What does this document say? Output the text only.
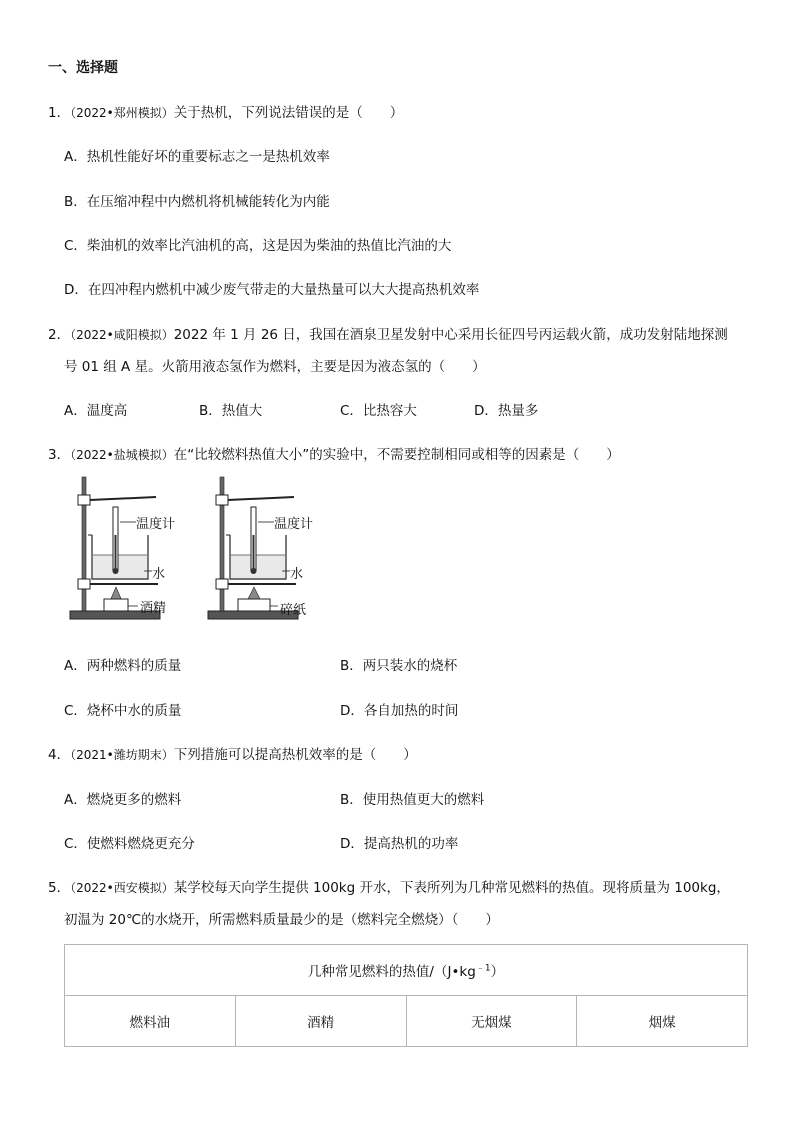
一、选择题
1．（2022•郑州模拟）关于热机，下列说法错误的是（　　）
A．热机性能好坏的重要标志之一是热机效率
B．在压缩冲程中内燃机将机械能转化为内能
C．柴油机的效率比汽油机的高，这是因为柴油的热值比汽油的大
D．在四冲程内燃机中减少废气带走的大量热量可以大大提高热机效率
2．（2022•咸阳模拟）2022 年 1 月 26 日，我国在酒泉卫星发射中心采用长征四号丙运载火箭，成功发射陆地探测
号 01 组 A 星。火箭用液态氢作为燃料，主要是因为液态氢的（　　）
A．温度高	B．热值大	C．比热容大	D．热量多
3．（2022•盐城模拟）在“比较燃料热值大小”的实验中，不需要控制相同或相等的因素是（　　）
温度计
水
酒精
温度计
水
碎纸
A．两种燃料的质量	B．两只装水的烧杯
C．烧杯中水的质量	D．各自加热的时间
4．（2021•潍坊期末）下列措施可以提高热机效率的是（　　）
A．燃烧更多的燃料	B．使用热值更大的燃料
C．使燃料燃烧更充分	D．提高热机的功率
5．（2022•西安模拟）某学校每天向学生提供 100kg 开水，下表所列为几种常见燃料的热值。现将质量为 100kg，
初温为 20℃的水烧开，所需燃料质量最少的是（燃料完全燃烧）（　　）
几种常见燃料的热值$/(J•kg^{﹣1})$
燃料油	酒精	无烟煤	烟煤
